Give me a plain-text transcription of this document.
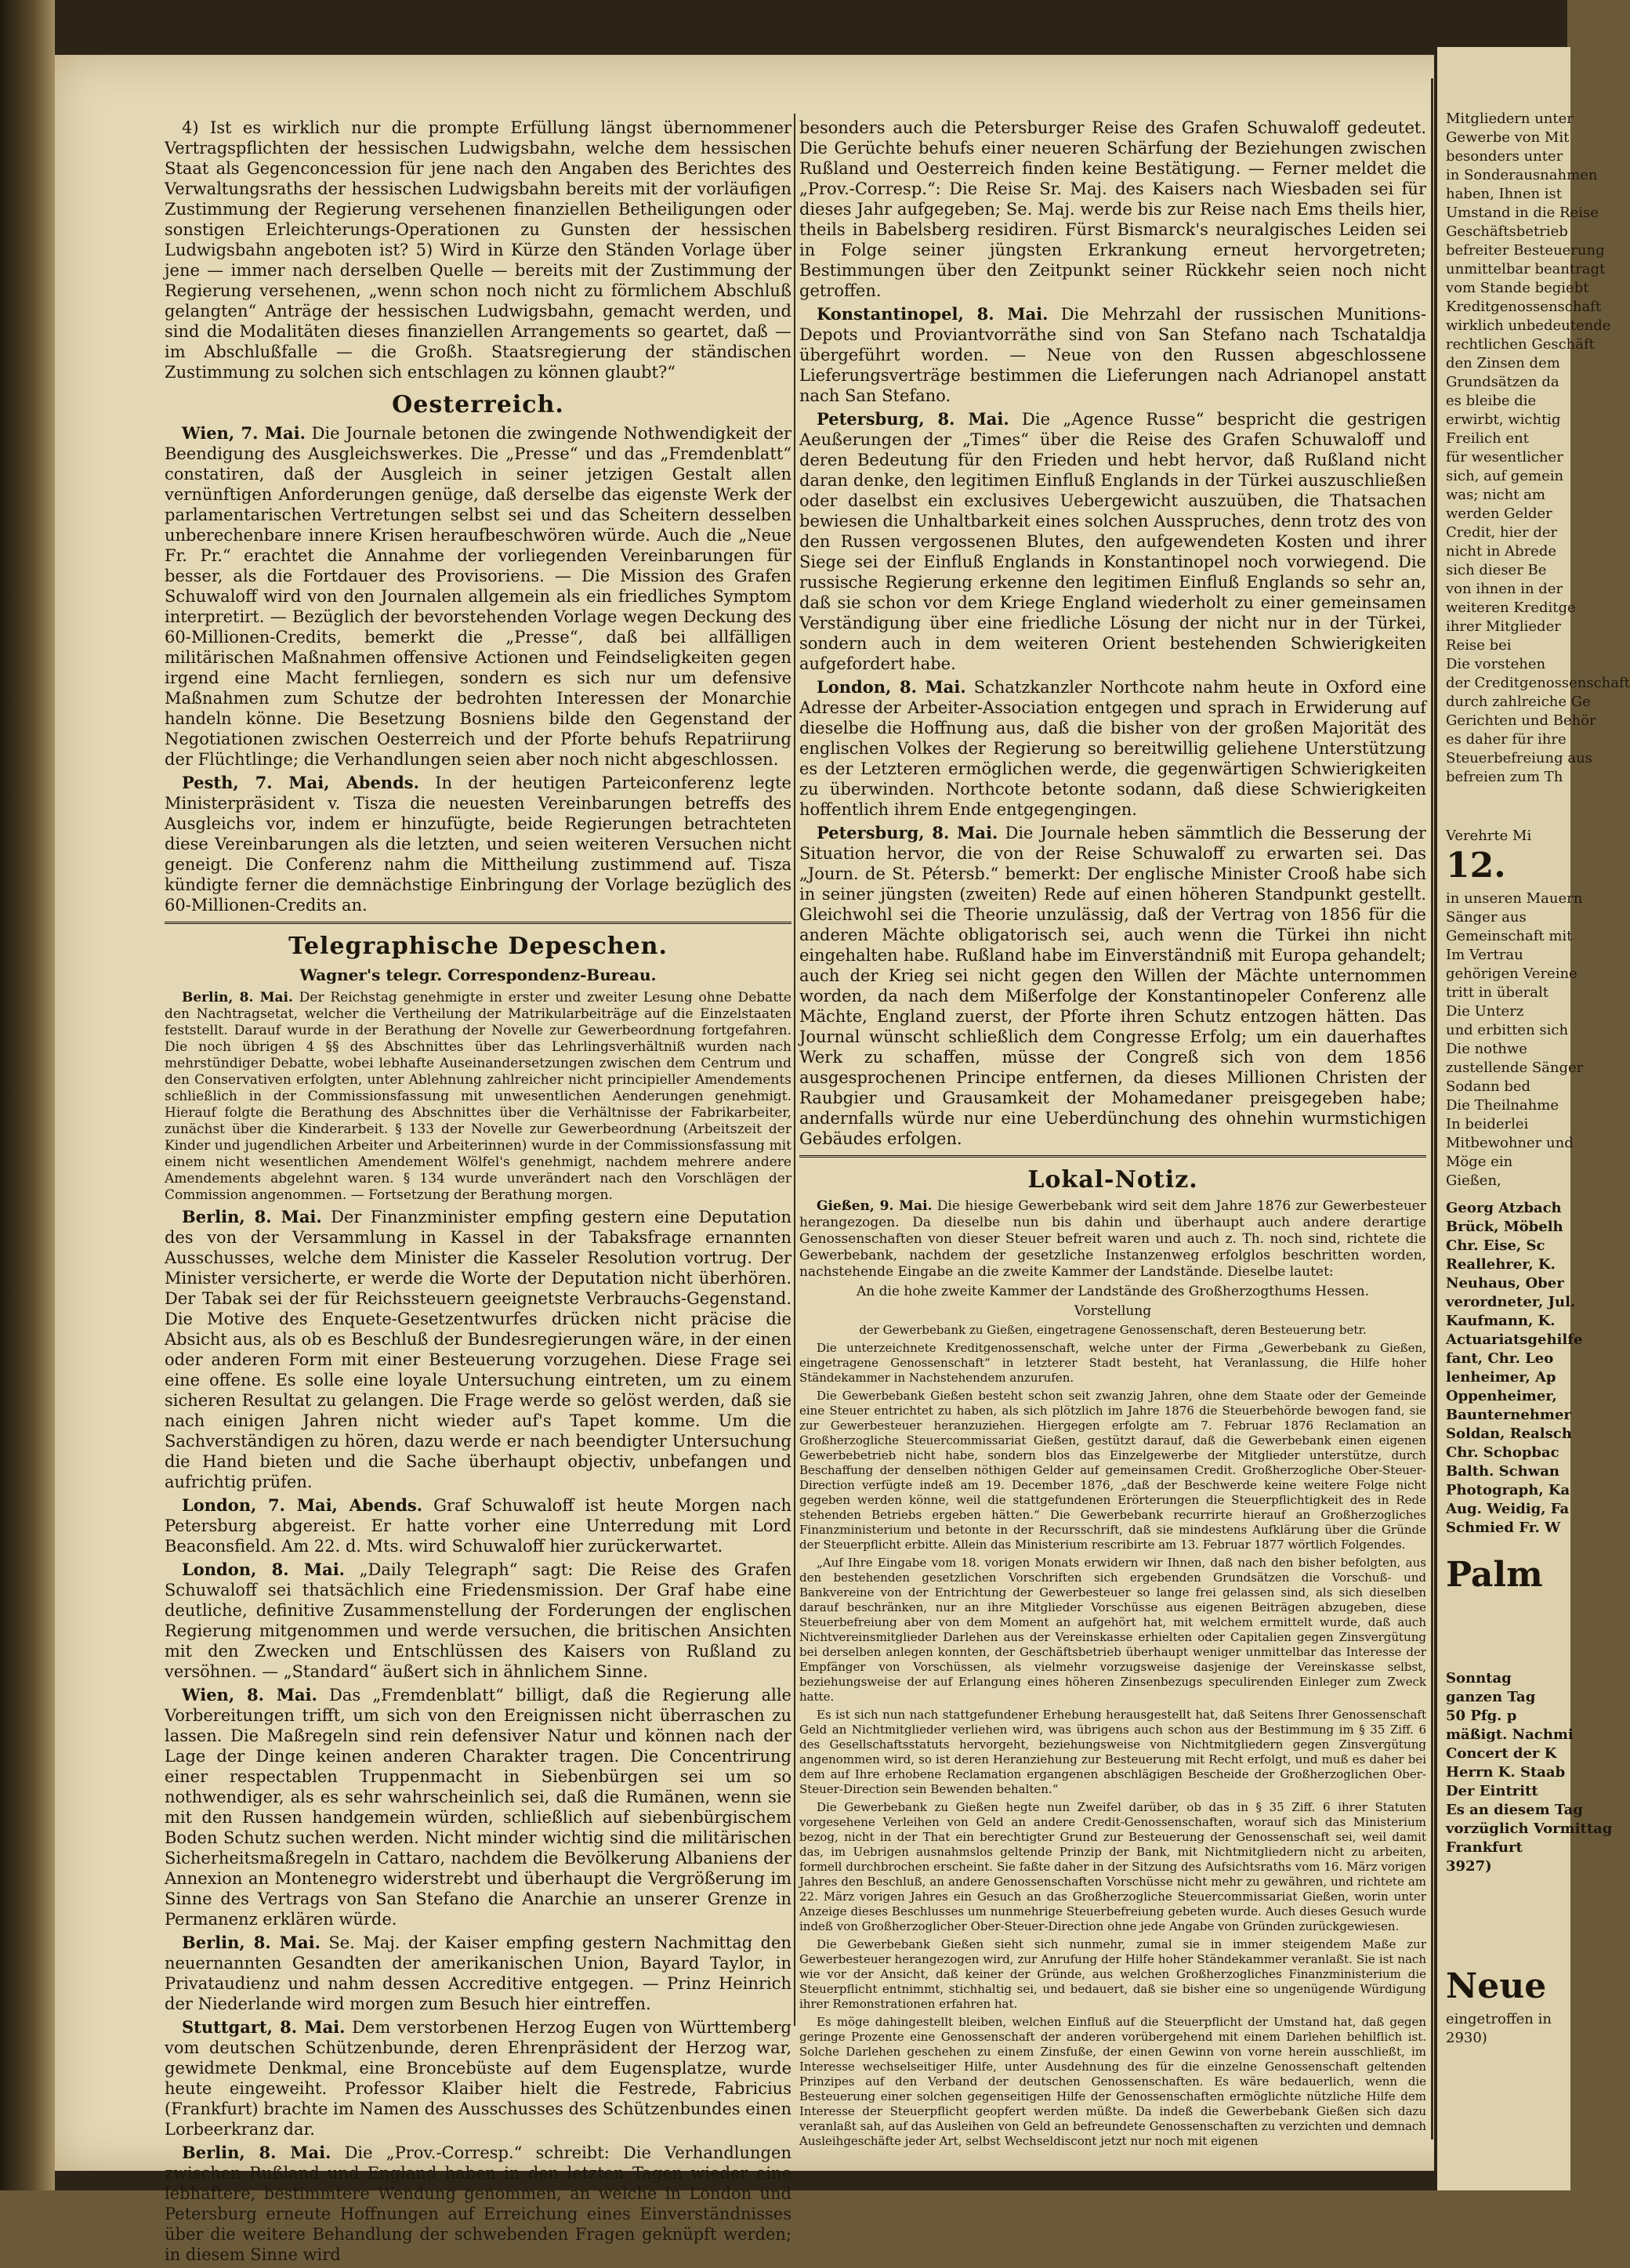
4) Ist es wirklich nur die prompte Erfüllung längst übernommener Vertragspflichten der hessischen Ludwigsbahn, welche dem hessischen Staat als Gegenconcession für jene nach den Angaben des Berichtes des Verwaltungsraths der hessischen Ludwigsbahn bereits mit der vorläufigen Zustimmung der Regierung versehenen finanziellen Betheiligungen oder sonstigen Erleichterungs-Operationen zu Gunsten der hessischen Ludwigsbahn angeboten ist? 5) Wird in Kürze den Ständen Vorlage über jene — immer nach derselben Quelle — bereits mit der Zustimmung der Regierung versehenen, „wenn schon noch nicht zu förmlichem Abschluß gelangten“ Anträge der hessischen Ludwigsbahn, gemacht werden, und sind die Modalitäten dieses finanziellen Arrangements so geartet, daß — im Abschlußfalle — die Großh. Staatsregierung der ständischen Zustimmung zu solchen sich entschlagen zu können glaubt?“

Oesterreich.

Wien, 7. Mai. Die Journale betonen die zwingende Nothwendigkeit der Beendigung des Ausgleichswerkes. Die „Presse“ und das „Fremdenblatt“ constatiren, daß der Ausgleich in seiner jetzigen Gestalt allen vernünftigen Anforderungen genüge, daß derselbe das eigenste Werk der parlamentarischen Vertretungen selbst sei und das Scheitern desselben unberechenbare innere Krisen heraufbeschwören würde. Auch die „Neue Fr. Pr.“ erachtet die Annahme der vorliegenden Vereinbarungen für besser, als die Fortdauer des Provisoriens. — Die Mission des Grafen Schuwaloff wird von den Journalen allgemein als ein friedliches Symptom interpretirt. — Bezüglich der bevorstehenden Vorlage wegen Deckung des 60-Millionen-Credits, bemerkt die „Presse“, daß bei allfälligen militärischen Maßnahmen offensive Actionen und Feindseligkeiten gegen irgend eine Macht fernliegen, sondern es sich nur um defensive Maßnahmen zum Schutze der bedrohten Interessen der Monarchie handeln könne. Die Besetzung Bosniens bilde den Gegenstand der Negotiationen zwischen Oesterreich und der Pforte behufs Repatriirung der Flüchtlinge; die Verhandlungen seien aber noch nicht abgeschlossen.

Pesth, 7. Mai, Abends. In der heutigen Parteiconferenz legte Ministerpräsident v. Tisza die neuesten Vereinbarungen betreffs des Ausgleichs vor, indem er hinzufügte, beide Regierungen betrachteten diese Vereinbarungen als die letzten, und seien weiteren Versuchen nicht geneigt. Die Conferenz nahm die Mittheilung zustimmend auf. Tisza kündigte ferner die demnächstige Einbringung der Vorlage bezüglich des 60-Millionen-Credits an.

Telegraphische Depeschen.
Wagner's telegr. Correspondenz-Bureau.

Berlin, 8. Mai. Der Reichstag genehmigte in erster und zweiter Lesung ohne Debatte den Nachtragsetat, welcher die Vertheilung der Matrikularbeiträge auf die Einzelstaaten feststellt. Darauf wurde in der Berathung der Novelle zur Gewerbeordnung fortgefahren. Die noch übrigen 4 §§ des Abschnittes über das Lehrlingsverhältniß wurden nach mehrstündiger Debatte, wobei lebhafte Auseinandersetzungen zwischen dem Centrum und den Conservativen erfolgten, unter Ablehnung zahlreicher nicht principieller Amendements schließlich in der Commissionsfassung mit unwesentlichen Aenderungen genehmigt. Hierauf folgte die Berathung des Abschnittes über die Verhältnisse der Fabrikarbeiter, zunächst über die Kinderarbeit. § 133 der Novelle zur Gewerbeordnung (Arbeitszeit der Kinder und jugendlichen Arbeiter und Arbeiterinnen) wurde in der Commissionsfassung mit einem nicht wesentlichen Amendement Wölfel's genehmigt, nachdem mehrere andere Amendements abgelehnt waren. § 134 wurde unverändert nach den Vorschlägen der Commission angenommen. — Fortsetzung der Berathung morgen.

Berlin, 8. Mai. Der Finanzminister empfing gestern eine Deputation des von der Versammlung in Kassel in der Tabaksfrage ernannten Ausschusses, welche dem Minister die Kasseler Resolution vortrug. Der Minister versicherte, er werde die Worte der Deputation nicht überhören. Der Tabak sei der für Reichssteuern geeignetste Verbrauchs-Gegenstand. Die Motive des Enquete-Gesetzentwurfes drücken nicht präcise die Absicht aus, als ob es Beschluß der Bundesregierungen wäre, in der einen oder anderen Form mit einer Besteuerung vorzugehen. Diese Frage sei eine offene. Es solle eine loyale Untersuchung eintreten, um zu einem sicheren Resultat zu gelangen. Die Frage werde so gelöst werden, daß sie nach einigen Jahren nicht wieder auf's Tapet komme. Um die Sachverständigen zu hören, dazu werde er nach beendigter Untersuchung die Hand bieten und die Sache überhaupt objectiv, unbefangen und aufrichtig prüfen.

London, 7. Mai, Abends. Graf Schuwaloff ist heute Morgen nach Petersburg abgereist. Er hatte vorher eine Unterredung mit Lord Beaconsfield. Am 22. d. Mts. wird Schuwaloff hier zurückerwartet.

London, 8. Mai. „Daily Telegraph“ sagt: Die Reise des Grafen Schuwaloff sei thatsächlich eine Friedensmission. Der Graf habe eine deutliche, definitive Zusammenstellung der Forderungen der englischen Regierung mitgenommen und werde versuchen, die britischen Ansichten mit den Zwecken und Entschlüssen des Kaisers von Rußland zu versöhnen. — „Standard“ äußert sich in ähnlichem Sinne.

Wien, 8. Mai. Das „Fremdenblatt“ billigt, daß die Regierung alle Vorbereitungen trifft, um sich von den Ereignissen nicht überraschen zu lassen. Die Maßregeln sind rein defensiver Natur und können nach der Lage der Dinge keinen anderen Charakter tragen. Die Concentrirung einer respectablen Truppenmacht in Siebenbürgen sei um so nothwendiger, als es sehr wahrscheinlich sei, daß die Rumänen, wenn sie mit den Russen handgemein würden, schließlich auf siebenbürgischem Boden Schutz suchen werden. Nicht minder wichtig sind die militärischen Sicherheitsmaßregeln in Cattaro, nachdem die Bevölkerung Albaniens der Annexion an Montenegro widerstrebt und überhaupt die Vergrößerung im Sinne des Vertrags von San Stefano die Anarchie an unserer Grenze in Permanenz erklären würde.

Berlin, 8. Mai. Se. Maj. der Kaiser empfing gestern Nachmittag den neuernannten Gesandten der amerikanischen Union, Bayard Taylor, in Privataudienz und nahm dessen Accreditive entgegen. — Prinz Heinrich der Niederlande wird morgen zum Besuch hier eintreffen.

Stuttgart, 8. Mai. Dem verstorbenen Herzog Eugen von Württemberg vom deutschen Schützenbunde, deren Ehrenpräsident der Herzog war, gewidmete Denkmal, eine Broncebüste auf dem Eugensplatze, wurde heute eingeweiht. Professor Klaiber hielt die Festrede, Fabricius (Frankfurt) brachte im Namen des Ausschusses des Schützenbundes einen Lorbeerkranz dar.

Berlin, 8. Mai. Die „Prov.-Corresp.“ schreibt: Die Verhandlungen zwischen Rußland und England haben in den letzten Tagen wieder eine lebhaftere, bestimmtere Wendung genommen, an welche in London und Petersburg erneute Hoffnungen auf Erreichung eines Einverständnisses über die weitere Behandlung der schwebenden Fragen geknüpft werden; in diesem Sinne wird

besonders auch die Petersburger Reise des Grafen Schuwaloff gedeutet. Die Gerüchte behufs einer neueren Schärfung der Beziehungen zwischen Rußland und Oesterreich finden keine Bestätigung. — Ferner meldet die „Prov.-Corresp.“: Die Reise Sr. Maj. des Kaisers nach Wiesbaden sei für dieses Jahr aufgegeben; Se. Maj. werde bis zur Reise nach Ems theils hier, theils in Babelsberg residiren. Fürst Bismarck's neuralgisches Leiden sei in Folge seiner jüngsten Erkrankung erneut hervorgetreten; Bestimmungen über den Zeitpunkt seiner Rückkehr seien noch nicht getroffen.

Konstantinopel, 8. Mai. Die Mehrzahl der russischen Munitions-Depots und Proviantvorräthe sind von San Stefano nach Tschataldja übergeführt worden. — Neue von den Russen abgeschlossene Lieferungsverträge bestimmen die Lieferungen nach Adrianopel anstatt nach San Stefano.

Petersburg, 8. Mai. Die „Agence Russe“ bespricht die gestrigen Aeußerungen der „Times“ über die Reise des Grafen Schuwaloff und deren Bedeutung für den Frieden und hebt hervor, daß Rußland nicht daran denke, den legitimen Einfluß Englands in der Türkei auszuschließen oder daselbst ein exclusives Uebergewicht auszuüben, die Thatsachen bewiesen die Unhaltbarkeit eines solchen Ausspruches, denn trotz des von den Russen vergossenen Blutes, den aufgewendeten Kosten und ihrer Siege sei der Einfluß Englands in Konstantinopel noch vorwiegend. Die russische Regierung erkenne den legitimen Einfluß Englands so sehr an, daß sie schon vor dem Kriege England wiederholt zu einer gemeinsamen Verständigung über eine friedliche Lösung der nicht nur in der Türkei, sondern auch in dem weiteren Orient bestehenden Schwierigkeiten aufgefordert habe.

London, 8. Mai. Schatzkanzler Northcote nahm heute in Oxford eine Adresse der Arbeiter-Association entgegen und sprach in Erwiderung auf dieselbe die Hoffnung aus, daß die bisher von der großen Majorität des englischen Volkes der Regierung so bereitwillig geliehene Unterstützung es der Letzteren ermöglichen werde, die gegenwärtigen Schwierigkeiten zu überwinden. Northcote betonte sodann, daß diese Schwierigkeiten hoffentlich ihrem Ende entgegengingen.

Petersburg, 8. Mai. Die Journale heben sämmtlich die Besserung der Situation hervor, die von der Reise Schuwaloff zu erwarten sei. Das „Journ. de St. Pétersb.“ bemerkt: Der englische Minister Crooß habe sich in seiner jüngsten (zweiten) Rede auf einen höheren Standpunkt gestellt. Gleichwohl sei die Theorie unzulässig, daß der Vertrag von 1856 für die anderen Mächte obligatorisch sei, auch wenn die Türkei ihn nicht eingehalten habe. Rußland habe im Einverständniß mit Europa gehandelt; auch der Krieg sei nicht gegen den Willen der Mächte unternommen worden, da nach dem Mißerfolge der Konstantinopeler Conferenz alle Mächte, England zuerst, der Pforte ihren Schutz entzogen hätten. Das Journal wünscht schließlich dem Congresse Erfolg; um ein dauerhaftes Werk zu schaffen, müsse der Congreß sich von dem 1856 ausgesprochenen Principe entfernen, da dieses Millionen Christen der Raubgier und Grausamkeit der Mohamedaner preisgegeben habe; andernfalls würde nur eine Ueberdünchung des ohnehin wurmstichigen Gebäudes erfolgen.

Lokal-Notiz.

Gießen, 9. Mai. Die hiesige Gewerbebank wird seit dem Jahre 1876 zur Gewerbesteuer herangezogen. Da dieselbe nun bis dahin und überhaupt auch andere derartige Genossenschaften von dieser Steuer befreit waren und auch z. Th. noch sind, richtete die Gewerbebank, nachdem der gesetzliche Instanzenweg erfolglos beschritten worden, nachstehende Eingabe an die zweite Kammer der Landstände. Dieselbe lautet:

An die hohe zweite Kammer der Landstände des Großherzogthums Hessen.

Vorstellung

der Gewerbebank zu Gießen, eingetragene Genossenschaft, deren Besteuerung betr.

Die unterzeichnete Kreditgenossenschaft, welche unter der Firma „Gewerbebank zu Gießen, eingetragene Genossenschaft“ in letzterer Stadt besteht, hat Veranlassung, die Hilfe hoher Ständekammer in Nachstehendem anzurufen.

Die Gewerbebank Gießen besteht schon seit zwanzig Jahren, ohne dem Staate oder der Gemeinde eine Steuer entrichtet zu haben, als sich plötzlich im Jahre 1876 die Steuerbehörde bewogen fand, sie zur Gewerbesteuer heranzuziehen. Hiergegen erfolgte am 7. Februar 1876 Reclamation an Großherzogliche Steuercommissariat Gießen, gestützt darauf, daß die Gewerbebank einen eigenen Gewerbebetrieb nicht habe, sondern blos das Einzelgewerbe der Mitglieder unterstütze, durch Beschaffung der denselben nöthigen Gelder auf gemeinsamen Credit. Großherzogliche Ober-Steuer-Direction verfügte indeß am 19. December 1876, „daß der Beschwerde keine weitere Folge nicht gegeben werden könne, weil die stattgefundenen Erörterungen die Steuerpflichtigkeit des in Rede stehenden Betriebs ergeben hätten.“ Die Gewerbebank recurrirte hierauf an Großherzogliches Finanzministerium und betonte in der Recursschrift, daß sie mindestens Aufklärung über die Gründe der Steuerpflicht erbitte. Allein das Ministerium rescribirte am 13. Februar 1877 wörtlich Folgendes.

„Auf Ihre Eingabe vom 18. vorigen Monats erwidern wir Ihnen, daß nach den bisher befolgten, aus den bestehenden gesetzlichen Vorschriften sich ergebenden Grundsätzen die Vorschuß- und Bankvereine von der Entrichtung der Gewerbesteuer so lange frei gelassen sind, als sich dieselben darauf beschränken, nur an ihre Mitglieder Vorschüsse aus eigenen Beiträgen abzugeben, diese Steuerbefreiung aber von dem Moment an aufgehört hat, mit welchem ermittelt wurde, daß auch Nichtvereinsmitglieder Darlehen aus der Vereinskasse erhielten oder Capitalien gegen Zinsvergütung bei derselben anlegen konnten, der Geschäftsbetrieb überhaupt weniger unmittelbar das Interesse der Empfänger von Vorschüssen, als vielmehr vorzugsweise dasjenige der Vereinskasse selbst, beziehungsweise der auf Erlangung eines höheren Zinsenbezugs speculirenden Einleger zum Zweck hatte.

Es ist sich nun nach stattgefundener Erhebung herausgestellt hat, daß Seitens Ihrer Genossenschaft Geld an Nichtmitglieder verliehen wird, was übrigens auch schon aus der Bestimmung im § 35 Ziff. 6 des Gesellschaftsstatuts hervorgeht, beziehungsweise von Nichtmitgliedern gegen Zinsvergütung angenommen wird, so ist deren Heranziehung zur Besteuerung mit Recht erfolgt, und muß es daher bei dem auf Ihre erhobene Reclamation ergangenen abschlägigen Bescheide der Großherzoglichen Ober-Steuer-Direction sein Bewenden behalten.“

Die Gewerbebank zu Gießen hegte nun Zweifel darüber, ob das in § 35 Ziff. 6 ihrer Statuten vorgesehene Verleihen von Geld an andere Credit-Genossenschaften, worauf sich das Ministerium bezog, nicht in der That ein berechtigter Grund zur Besteuerung der Genossenschaft sei, weil damit das, im Uebrigen ausnahmslos geltende Prinzip der Bank, mit Nichtmitgliedern nicht zu arbeiten, formell durchbrochen erscheint. Sie faßte daher in der Sitzung des Aufsichtsraths vom 16. März vorigen Jahres den Beschluß, an andere Genossenschaften Vorschüsse nicht mehr zu gewähren, und richtete am 22. März vorigen Jahres ein Gesuch an das Großherzogliche Steuercommissariat Gießen, worin unter Anzeige dieses Beschlusses um nunmehrige Steuerbefreiung gebeten wurde. Auch dieses Gesuch wurde indeß von Großherzoglicher Ober-Steuer-Direction ohne jede Angabe von Gründen zurückgewiesen.

Die Gewerbebank Gießen sieht sich nunmehr, zumal sie in immer steigendem Maße zur Gewerbesteuer herangezogen wird, zur Anrufung der Hilfe hoher Ständekammer veranlaßt. Sie ist nach wie vor der Ansicht, daß keiner der Gründe, aus welchen Großherzogliches Finanzministerium die Steuerpflicht entnimmt, stichhaltig sei, und bedauert, daß sie bisher eine so ungenügende Würdigung ihrer Remonstrationen erfahren hat.

Es möge dahingestellt bleiben, welchen Einfluß auf die Steuerpflicht der Umstand hat, daß gegen geringe Prozente eine Genossenschaft der anderen vorübergehend mit einem Darlehen behilflich ist. Solche Darlehen geschehen zu einem Zinsfuße, der einen Gewinn von vorne herein ausschließt, im Interesse wechselseitiger Hilfe, unter Ausdehnung des für die einzelne Genossenschaft geltenden Prinzipes auf den Verband der deutschen Genossenschaften. Es wäre bedauerlich, wenn die Besteuerung einer solchen gegenseitigen Hilfe der Genossenschaften ermöglichte nützliche Hilfe dem Interesse der Steuerpflicht geopfert werden müßte. Da indeß die Gewerbebank Gießen sich dazu veranlaßt sah, auf das Ausleihen von Geld an befreundete Genossenschaften zu verzichten und demnach Ausleihgeschäfte jeder Art, selbst Wechseldiscont jetzt nur noch mit eigenen

Mitgliedern unter
Gewerbe von Mit
besonders unter
in Sonderausnahmen
haben, Ihnen ist
Umstand in die Reise
Geschäftsbetrieb
befreiter Besteuerung
unmittelbar beantragt
vom Stande begiebt
Kreditgenossenschaft
wirklich unbedeutende
rechtlichen Geschäft
den Zinsen dem
Grundsätzen da
es bleibe die
erwirbt, wichtig
Freilich ent
für wesentlicher
sich, auf gemein
was; nicht am
werden Gelder
Credit, hier der
nicht in Abrede
sich dieser Be
von ihnen in der
weiteren Kreditge
ihrer Mitglieder
Reise bei
Die vorstehen
der Creditgenossenschaft
durch zahlreiche Ge
Gerichten und Behör
es daher für ihre
Steuerbefreiung aus
befreien zum Th
Verehrte Mi
12.
in unseren Mauern
Sänger aus
Gemeinschaft mit
Im Vertrau
gehörigen Vereine
tritt in überalt
Die Unterz
und erbitten sich
Die nothwe
zustellende Sänger
Sodann bed
Die Theilnahme
In beiderlei
Mitbewohner und
Möge ein
Gießen,
Georg Atzbach
Brück, Möbelh
Chr. Eise, Sc
Reallehrer, K.
Neuhaus, Ober
verordneter, Jul.
Kaufmann, K.
Actuariatsgehilfe
fant, Chr. Leo
lenheimer, Ap
Oppenheimer,
Baunternehmer
Soldan, Realsch
Chr. Schopbac
Balth. Schwan
Photograph, Ka
Aug. Weidig, Fa
Schmied Fr. W
Palm
Sonntag
ganzen Tag
50 Pfg. p
mäßigt. Nachmi
Concert der K
Herrn K. Staab
Der Eintritt
Es an diesem Tag
vorzüglich Vormittag
Frankfurt
3927)
Neue
eingetroffen in
2930)
